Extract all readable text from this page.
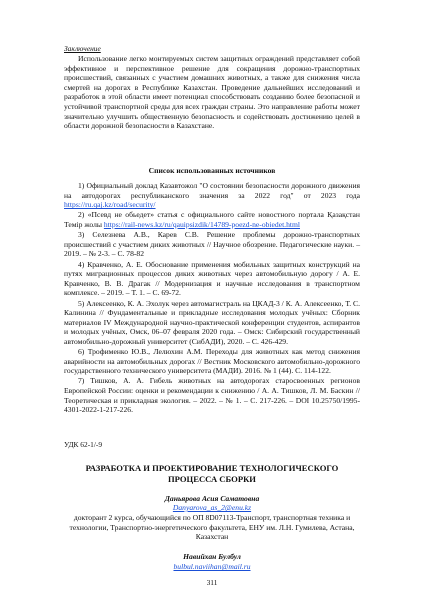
Заключение

Использование легко монтируемых систем защитных ограждений представляет собой эффективное и перспективное решение для сокращения дорожно-транспортных происшествий, связанных с участием домашних животных, а также для снижения числа смертей на дорогах в Республике Казахстан. Проведение дальнейших исследований и разработок в этой области имеет потенциал способствовать созданию более безопасной и устойчивой транспортной среды для всех граждан страны. Это направление работы может значительно улучшить общественную безопасность и содействовать достижению целей в области дорожной безопасности в Казахстане.

Список использованных источников

1) Официальный доклад Казавтожол "О состоянии безопасности дорожного движения на автодорогах республиканского значения за 2022 год" от 2023 года https://ru.qaj.kz/road/security/
2) «Псевд не обьедет» статья с официального сайте новостного портала Қазақстан Темір жолы https://rail-news.kz/ru/qauipsizdik/14789-poezd-ne-obiedet.html
3) Селезнева А.В., Карев С.В. Решение проблемы дорожно-транспортных происшествий с участием диких животных // Научное обозрение. Педагогические науки. – 2019. – № 2-3. – С. 78-82
4) Кравченко, А. Е. Обоснование применения мобильных защитных конструкций на путях миграционных процессов диких животных через автомобильную дорогу / А. Е. Кравченко, В. В. Драгак // Модернизация и научные исследования в транспортном комплексе. – 2019. – Т. 1. – С. 69-72.
5) Алексеенко, К. А. Эхолук через автомагистраль на ЦКАД-3 / К. А. Алексеенко, Т. С. Калинина // Фундаментальные и прикладные исследования молодых учёных: Сборник материалов IV Международной научно-практической конференции студентов, аспирантов и молодых учёных, Омск, 06–07 февраля 2020 года. – Омск: Сибирский государственный автомобильно-дорожный университет (СибАДИ), 2020. – С. 426-429.
6) Трофименко Ю.В., Лелюхин А.М. Переходы для животных как метод снижения аварийности на автомобильных дорогах // Вестник Московского автомобильно-дорожного государственного технического университета (МАДИ). 2016. № 1 (44). С. 114-122.
7) Тишков, А. А. Гибель животных на автодорогах старосвоенных регионов Европейской России: оценки и рекомендации к снижению / А. А. Тишков, Л. М. Баскин // Теоретическая и прикладная экология. – 2022. – № 1. – С. 217-226. – DOI 10.25750/1995-4301-2022-1-217-226.

УДК 62-1/-9

РАЗРАБОТКА И ПРОЕКТИРОВАНИЕ ТЕХНОЛОГИЧЕСКОГО ПРОЦЕССА СБОРКИ

Даньярова Асия Саматовна

Danyarova_as_2@enu.kz

докторант 2 курса, обучающийся по ОП 8D07113-Транспорт, транспортная техника и технологии, Транспортно-энергетического факультета, ЕНУ им. Л.Н. Гумилева, Астана, Казахстан

Навийхан Булбул

bulbul.naviihan@mail.ru

311
